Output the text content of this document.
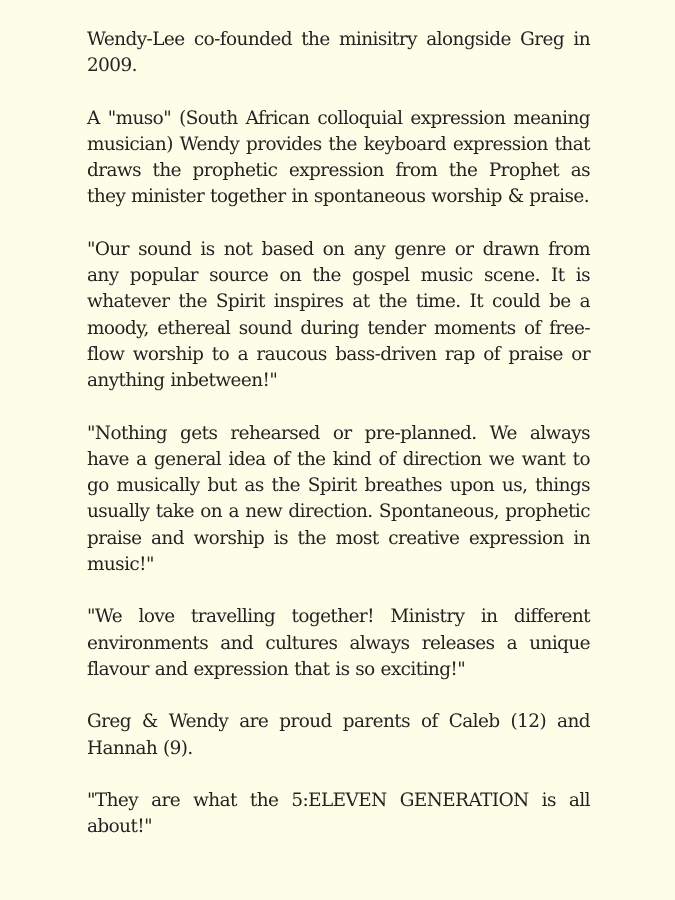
Wendy-Lee co-founded the minisitry alongside Greg in 2009.

A "muso" (South African colloquial expression meaning musician) Wendy provides the keyboard expression that draws the prophetic expression from the Prophet as they minister together in spontaneous worship & praise.

"Our sound is not based on any genre or drawn from any popular source on the gospel music scene. It is whatever the Spirit inspires at the time. It could be a moody, ethereal sound during tender moments of free-flow worship to a raucous bass-driven rap of praise or anything inbetween!"

"Nothing gets rehearsed or pre-planned. We always have a general idea of the kind of direction we want to go musically but as the Spirit breathes upon us, things usually take on a new direction. Spontaneous, prophetic praise and worship is the most creative expression in music!"

"We love travelling together! Ministry in different environments and cultures always releases a unique flavour and expression that is so exciting!"

Greg & Wendy are proud parents of Caleb (12) and Hannah (9).

"They are what the 5:ELEVEN GENERATION is all about!"
